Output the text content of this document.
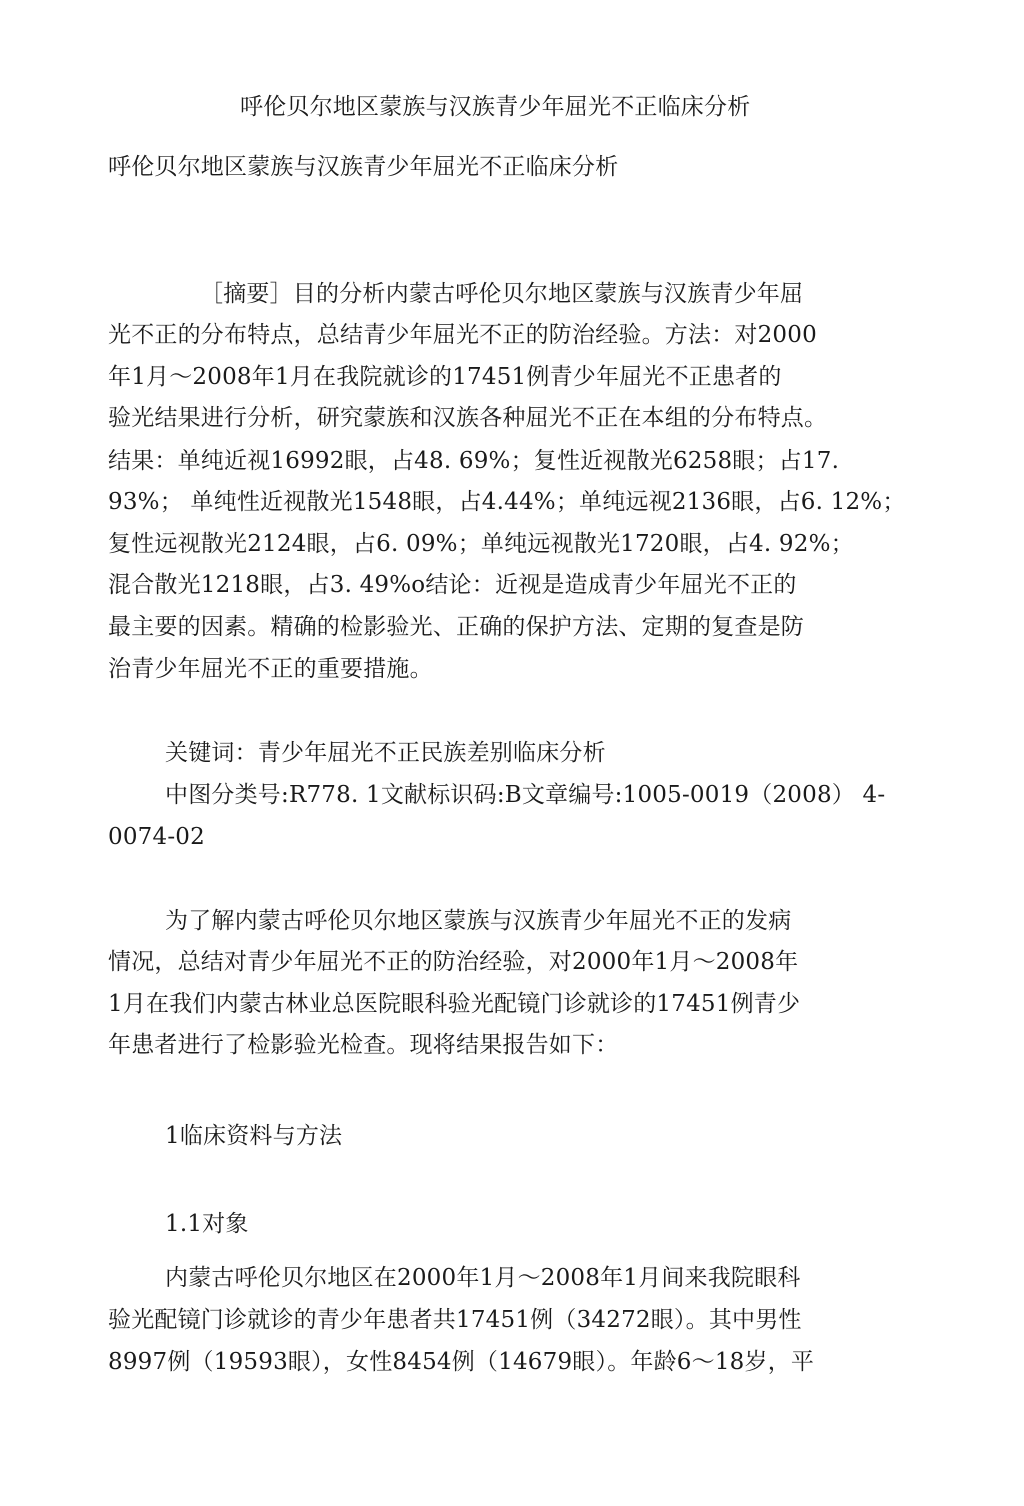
呼伦贝尔地区蒙族与汉族青少年屈光不正临床分析
呼伦贝尔地区蒙族与汉族青少年屈光不正临床分析
［摘要］目的分析内蒙古呼伦贝尔地区蒙族与汉族青少年屈
光不正的分布特点，总结青少年屈光不正的防治经验。方法：对2000
年1月～2008年1月在我院就诊的17451例青少年屈光不正患者的
验光结果进行分析，研究蒙族和汉族各种屈光不正在本组的分布特点。
结果：单纯近视16992眼，占48. 69%；复性近视散光6258眼；占17.
93%； 单纯性近视散光1548眼，占4.44%；单纯远视2136眼，占6. 12%；
复性远视散光2124眼，占6. 09%；单纯远视散光1720眼，占4. 92%；
混合散光1218眼，占3. 49%o结论：近视是造成青少年屈光不正的
最主要的因素。精确的检影验光、正确的保护方法、定期的复查是防
治青少年屈光不正的重要措施。
关键词：青少年屈光不正民族差别临床分析
中图分类号:R778. 1文献标识码:B文章编号:1005-0019（2008） 4-
0074-02
为了解内蒙古呼伦贝尔地区蒙族与汉族青少年屈光不正的发病
情况，总结对青少年屈光不正的防治经验，对2000年1月～2008年
1月在我们内蒙古林业总医院眼科验光配镜门诊就诊的17451例青少
年患者进行了检影验光检查。现将结果报告如下：
1临床资料与方法
1.1对象
内蒙古呼伦贝尔地区在2000年1月～2008年1月间来我院眼科
验光配镜门诊就诊的青少年患者共17451例（34272眼）。其中男性
8997例（19593眼），女性8454例（14679眼）。年龄6～18岁，平
